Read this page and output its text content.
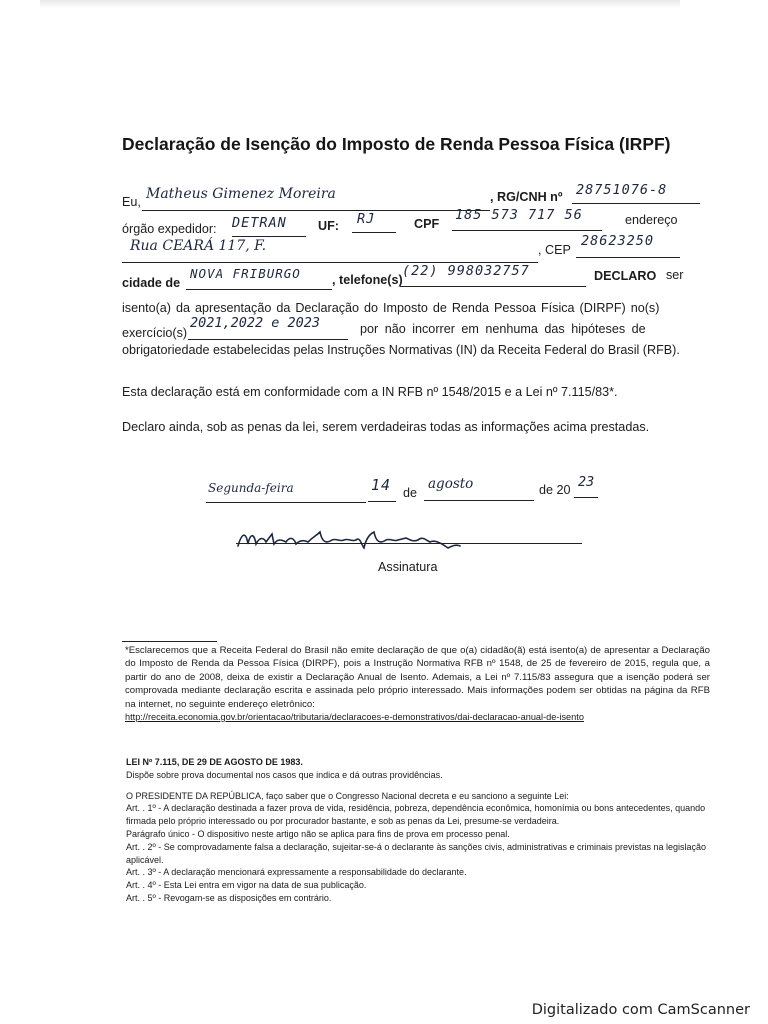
Declaração de Isenção do Imposto de Renda Pessoa Física (IRPF)
Eu, Matheus Gimenez Moreira	, RG/CNH nº 28751076-8
órgão expedidor: DETRAN UF: RJ	CPF
185 573 717 56	endereço
Rua CEARÁ 117, F.	, CEP
28623250
cidade de
NOVA FRIBURGO , telefone(s)
(22) 998032757	DECLARO ser
isento(a) da apresentação da Declaração do Imposto de Renda Pessoa Física (DIRPF) no(s)
exercício(s)
2021,2022 e 2023	por não incorrer em nenhuma das hipóteses de
obrigatoriedade estabelecidas pelas Instruções Normativas (IN) da Receita Federal do Brasil (RFB).
Esta declaração está em conformidade com a IN RFB nº 1548/2015 e a Lei nº 7.115/83*.
Declaro ainda, sob as penas da lei, serem verdadeiras todas as informações acima prestadas.
Segunda-feira	14 de
agosto	de 20 23
Assinatura
*Esclarecemos que a Receita Federal do Brasil não emite declaração de que o(a) cidadão(ã) está isento(a) de apresentar a Declaração do Imposto de Renda da Pessoa Física (DIRPF), pois a Instrução Normativa RFB nº 1548, de 25 de fevereiro de 2015, regula que, a partir do ano de 2008, deixa de existir a Declaração Anual de Isento. Ademais, a Lei nº 7.115/83 assegura que a isenção poderá ser comprovada mediante declaração escrita e assinada pelo próprio interessado. Mais informações podem ser obtidas na página da RFB na internet, no seguinte endereço eletrônico:
http://receita.economia.gov.br/orientacao/tributaria/declaracoes-e-demonstrativos/dai-declaracao-anual-de-isento

LEI Nº 7.115, DE 29 DE AGOSTO DE 1983.

Dispõe sobre prova documental nos casos que indica e dá outras providências.

O PRESIDENTE DA REPÚBLICA, faço saber que o Congresso Nacional decreta e eu sanciono a seguinte Lei:

Art. . 1º - A declaração destinada a fazer prova de vida, residência, pobreza, dependência econômica, homonímia ou bons antecedentes, quando firmada pelo próprio interessado ou por procurador bastante, e sob as penas da Lei, presume-se verdadeira.

Parágrafo único - O dispositivo neste artigo não se aplica para fins de prova em processo penal.

Art. . 2º - Se comprovadamente falsa a declaração, sujeitar-se-á o declarante às sanções civis, administrativas e criminais previstas na legislação aplicável.

Art. . 3º - A declaração mencionará expressamente a responsabilidade do declarante.

Art. . 4º - Esta Lei entra em vigor na data de sua publicação.

Art. . 5º - Revogam-se as disposições em contrário.

Digitalizado com CamScanner
